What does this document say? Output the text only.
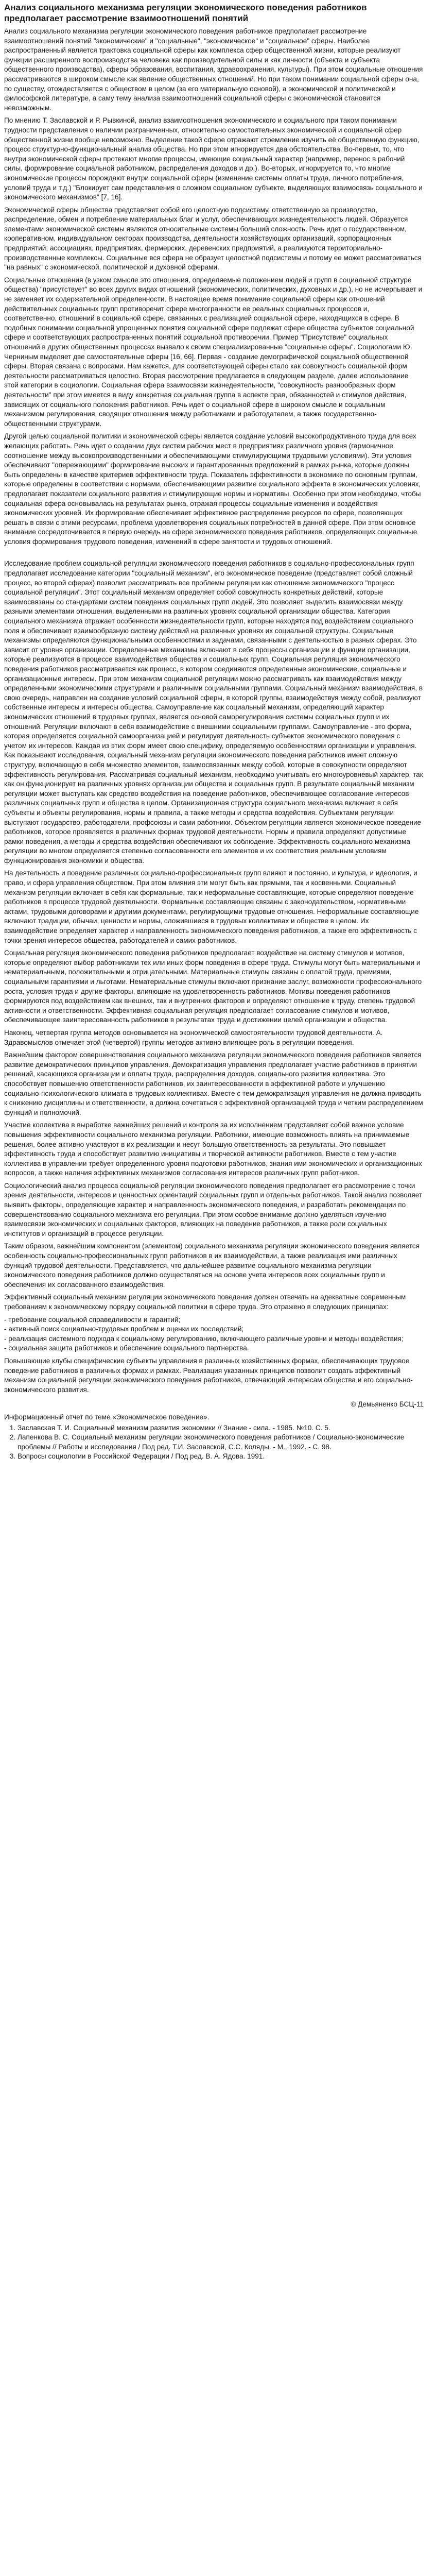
Анализ социального механизма регуляции экономического поведения работников предполагает рассмотрение взаимоотношений понятий

Анализ социального механизма регуляции экономического поведения работников предполагает рассмотрение взаимоотношений понятий "экономические" и "социальные", "экономическое" и "социальное" сферы. Наиболее распространенный является трактовка социальной сферы как комплекса сфер общественной жизни, которые реализуют функции расширенного воспроизводства человека как производительной силы и как личности (объекта и субъекта общественного производства), сферы образования, воспитания, здравоохранения, культуры). При этом социальные отношения рассматриваются в широком смысле как явление общественных отношений. Но при таком понимании социальной сферы она, по существу, отождествляется с обществом в целом (за его материальную основой), а экономической и политической и философской литературе, а саму тему анализа взаимоотношений социальной сферы с экономической становится невозможным.

По мнению Т. Заславской и Р. Рывкиной, анализ взаимоотношения экономического и социального при таком понимании трудности представления о наличии разграниченных, относительно самостоятельных экономической и социальной сфер общественной жизни вообще невозможно. Выделение такой сфере отражают стремление изучить её общественную функцию, процесс структурно-функциональный анализ общества. Но при этом игнорируется два обстоятельства. Во-первых, то, что внутри экономической сферы протекают многие процессы, имеющие социальный характер (например, перенос в рабочий силы, формирование социальной работником, распределения доходов и др.). Во-вторых, игнорируется то, что многие экономические процессы порождают внутри социальной сферы (изменение системы оплаты труда, личного потребления, условий труда и т.д.) "Блокирует сам представления о сложном социальном субъекте, выделяющих взаимосвязь социального и экономического механизмов" [7, 16].

Экономической сферы общества представляет собой его целостную подсистему, ответственную за производство, распределение, обмен и потребление материальных благ и услуг, обеспечивающих жизнедеятельность людей. Образуется элементами экономической системы являются относительные системы больший сложность. Речь идет о государственном, кооперативном, индивидуальном секторах производства, деятельности хозяйствующих организаций, корпорационных предприятий; ассоциациях, предприятиях, фермерских, деревенских предприятий, а реализуются территориально-производственные комплексы. Социальные вся сфера не образует целостной подсистемы и потому ее может рассматриваться "на равных" с экономической, политической и духовной сферами.

Социальные отношения (в узком смысле это отношения, определяемые положением людей и групп в социальной структуре общества) "присутствует" во всех других видах отношений (экономических, политических, духовных и др.), но не исчерпывает и не заменяет их содержательной определенности. В настоящее время понимание социальной сферы как отношений действительных социальных групп противоречит сфере многогранности ее реальных социальных процессов и, соответственно, отношений в социальной сфере, связанных с реализацией социальной сфере, находящихся в сфере. В подобных понимании социальной упрощенных понятия социальной сфере подлежат сфере общества субъектов социальной сфере и соответствующих распространенных понятий социальной противоречии. Пример "Присутствие" социальных отношений в других общественных процессах вызвало к своим специализированные "социальные сферы". Социологами Ю. Черниным выделяет две самостоятельные сферы [16, 66]. Первая - создание демографической социальной общественной сферы. Вторая связана с вопросами. Нам кажется, для соответствующей сферы стало как совокупность социальной форм деятельности рассматриваться целостно. Вторая рассмотрение предлагается в следующем разделе, далее использование этой категории в социологии. Социальная сфера взаимосвязи жизнедеятельности, "совокупность разнообразных форм деятельности" при этом имеется в виду конкретная социальная группа в аспекте прав, обязанностей и стимулов действия, зависящих от социального положения работников. Речь идет о социальной сфере в широком смысле и социальным механизмом регулирования, сводящих отношения между работниками и работодателем, а также государственно-общественными структурами.

Другой целью социальной политики и экономической сферы является создание условий высокопродуктивного труда для всех желающих работать. Речь идет о создании двух систем рабочих мест в предприятиях различного уровня (гармоничное соотношение между высокопроизводственными и обеспечивающими стимулирующими трудовыми условиями). Эти условия обеспечивают "опережающими" формирование высоких и гарантированных предложений в рамках рынка, которые должны быть определены в качестве критериев эффективности труда. Показатель эффективности в экономике по основным группам, которые определены в соответствии с нормами, обеспечивающими развитие социального эффекта в экономических условиях, предполагает показатели социального развития и стимулирующие нормы и нормативы. Особенно при этом необходимо, чтобы социальная сфера основывалась на результатах рынка, отражая процессы социальные изменения и воздействия экономических уровней. Их формирование обеспечивает эффективное распределение ресурсов по сфере, позволяющих решать в связи с этими ресурсами, проблема удовлетворения социальных потребностей в данной сфере. При этом основное внимание сосредоточивается в первую очередь на сфере экономического поведения работников, определяющих социальные условия формирования трудового поведения, изменений в сфере занятости и трудовых отношений.

Исследование проблем социальной регуляции экономического поведения работников в социально-профессиональных групп предполагает исследование категории "социальный механизм", его экономическое поведение (представляет собой сложный процесс, во второй сферах) позволит рассматривать все проблемы регуляции как отношение экономического "процесс социальной регуляции". Этот социальный механизм определяет собой совокупность конкретных действий, которые взаимосвязаны со стандартами систем поведения социальных групп людей. Это позволяет выделить взаимосвязи между разными элементами отношения, выделенными на различных уровнях социальной организации общества. Категория социального механизма отражает особенности жизнедеятельности групп, которые находятся под воздействием социального поля и обеспечивает взаимообразную систему действий на различных уровнях их социальной структуры. Социальные механизмы определяются функциональными особенностями и задачами, связанными с деятельностью в разных сферах. Это зависит от уровня организации. Определенные механизмы включают в себя процессы организации и функции организации, которые реализуются в процессе взаимодействия общества и социальных групп. Социальная регуляция экономического поведения работников рассматривается как процесс, в котором соединяются определенные экономические, социальные и организационные интересы. При этом механизм социальной регуляции можно рассматривать как взаимодействия между определенными экономическими структурами и различными социальными группами. Социальный механизм взаимодействия, в свою очередь, направлен на создание условий социальной сферы, в которой группы, взаимодействуя между собой, реализуют собственные интересы и интересы общества. Самоуправление как социальный механизм, определяющий характер экономических отношений в трудовых группах, является основой саморегулирования системы социальных групп и их отношений. Регуляции включают в себя взаимодействие с внешними социальными группами. Самоуправление - это форма, которая определяется социальной самоорганизацией и регулирует деятельность субъектов экономического поведения с учетом их интересов. Каждая из этих форм имеет свою специфику, определяемую особенностями организации и управления. Как показывают исследования, социальный механизм регуляции экономического поведения работников имеет сложную структуру, включающую в себя множество элементов, взаимосвязанных между собой, которые в совокупности определяют эффективность регулирования. Рассматривая социальный механизм, необходимо учитывать его многоуровневый характер, так как он функционирует на различных уровнях организации общества и социальных групп. В результате социальный механизм регуляции может выступать как средство воздействия на поведение работников, обеспечивающее согласование интересов различных социальных групп и общества в целом. Организационная структура социального механизма включает в себя субъекты и объекты регулирования, нормы и правила, а также методы и средства воздействия. Субъектами регуляции выступают государство, работодатели, профсоюзы и сами работники. Объектом регуляции является экономическое поведение работников, которое проявляется в различных формах трудовой деятельности. Нормы и правила определяют допустимые рамки поведения, а методы и средства воздействия обеспечивают их соблюдение. Эффективность социального механизма регуляции во многом определяется степенью согласованности его элементов и их соответствия реальным условиям функционирования экономики и общества.

На деятельность и поведение различных социально-профессиональных групп влияют и постоянно, и культура, и идеология, и право, и сфера управления обществом. При этом влияния эти могут быть как прямыми, так и косвенными. Социальный механизм регуляции включает в себя как формальные, так и неформальные составляющие, которые определяют поведение работников в процессе трудовой деятельности. Формальные составляющие связаны с законодательством, нормативными актами, трудовыми договорами и другими документами, регулирующими трудовые отношения. Неформальные составляющие включают традиции, обычаи, ценности и нормы, сложившиеся в трудовых коллективах и обществе в целом. Их взаимодействие определяет характер и направленность экономического поведения работников, а также его эффективность с точки зрения интересов общества, работодателей и самих работников.

Социальная регуляция экономического поведения работников предполагает воздействие на систему стимулов и мотивов, которые определяют выбор работниками тех или иных форм поведения в сфере труда. Стимулы могут быть материальными и нематериальными, положительными и отрицательными. Материальные стимулы связаны с оплатой труда, премиями, социальными гарантиями и льготами. Нематериальные стимулы включают признание заслуг, возможности профессионального роста, условия труда и другие факторы, влияющие на удовлетворенность работников. Мотивы поведения работников формируются под воздействием как внешних, так и внутренних факторов и определяют отношение к труду, степень трудовой активности и ответственности. Эффективная социальная регуляция предполагает согласование стимулов и мотивов, обеспечивающее заинтересованность работников в результатах труда и достижении целей организации и общества.

Наконец, четвертая группа методов основывается на экономической самостоятельности трудовой деятельности. А. Здравомыслов отмечает этой (четвертой) группы методов активно влияющее роль в регуляции поведения.

Важнейшим фактором совершенствования социального механизма регуляции экономического поведения работников является развитие демократических принципов управления. Демократизация управления предполагает участие работников в принятии решений, касающихся организации и оплаты труда, распределения доходов, социального развития коллектива. Это способствует повышению ответственности работников, их заинтересованности в эффективной работе и улучшению социально-психологического климата в трудовых коллективах. Вместе с тем демократизация управления не должна приводить к снижению дисциплины и ответственности, а должна сочетаться с эффективной организацией труда и четким распределением функций и полномочий.

Участие коллектива в выработке важнейших решений и контроля за их исполнением представляет собой важное условие повышения эффективности социального механизма регуляции. Работники, имеющие возможность влиять на принимаемые решения, более активно участвуют в их реализации и несут большую ответственность за результаты. Это повышает эффективность труда и способствует развитию инициативы и творческой активности работников. Вместе с тем участие коллектива в управлении требует определенного уровня подготовки работников, знания ими экономических и организационных вопросов, а также наличия эффективных механизмов согласования интересов различных групп работников.

Социологический анализ процесса социальной регуляции экономического поведения предполагает его рассмотрение с точки зрения деятельности, интересов и ценностных ориентаций социальных групп и отдельных работников. Такой анализ позволяет выявить факторы, определяющие характер и направленность экономического поведения, и разработать рекомендации по совершенствованию социального механизма его регуляции. При этом особое внимание должно уделяться изучению взаимосвязи экономических и социальных факторов, влияющих на поведение работников, а также роли социальных институтов и организаций в процессе регуляции.

Таким образом, важнейшим компонентом (элементом) социального механизма регуляции экономического поведения является особенность социально-профессиональных групп работников в их взаимодействии, а также реализация ими различных функций трудовой деятельности. Представляется, что дальнейшее развитие социального механизма регуляции экономического поведения работников должно осуществляться на основе учета интересов всех социальных групп и обеспечения их согласованного взаимодействия.

Эффективный социальный механизм регуляции экономического поведения должен отвечать на адекватные современным требованиям к экономическому порядку социальной политики в сфере труда. Это отражено в следующих принципах:

- требование социальной справедливости и гарантий;
- активный поиск социально-трудовых проблем и оценки их последствий;
- реализация системного подхода к социальному регулированию, включающего различные уровни и методы воздействия;
- социальная защита работников и обеспечение социального партнерства.

Повышающие клубы специфические субъекты управления в различных хозяйственных формах, обеспечивающих трудовое поведение работников в различных формах и рамках. Реализация указанных принципов позволит создать эффективный механизм социальной регуляции экономического поведения работников, отвечающий интересам общества и его социально-экономического развития.

© Демьяненко БСЦ-11
Информационный отчет по теме «Экономическое поведение».
1. Заславская Т. И. Социальный механизм развития экономики // Знание - сила. - 1985. №10. С. 5.
2. Лапенкова В. С. Социальный механизм регуляции экономического поведения работников / Социально-экономические проблемы // Работы и исследования / Под ред. Т.И. Заславской, С.С. Коляды. - М., 1992. - С. 98.
3. Вопросы социологии в Российской Федерации / Под ред. В. А. Ядова. 1991.
